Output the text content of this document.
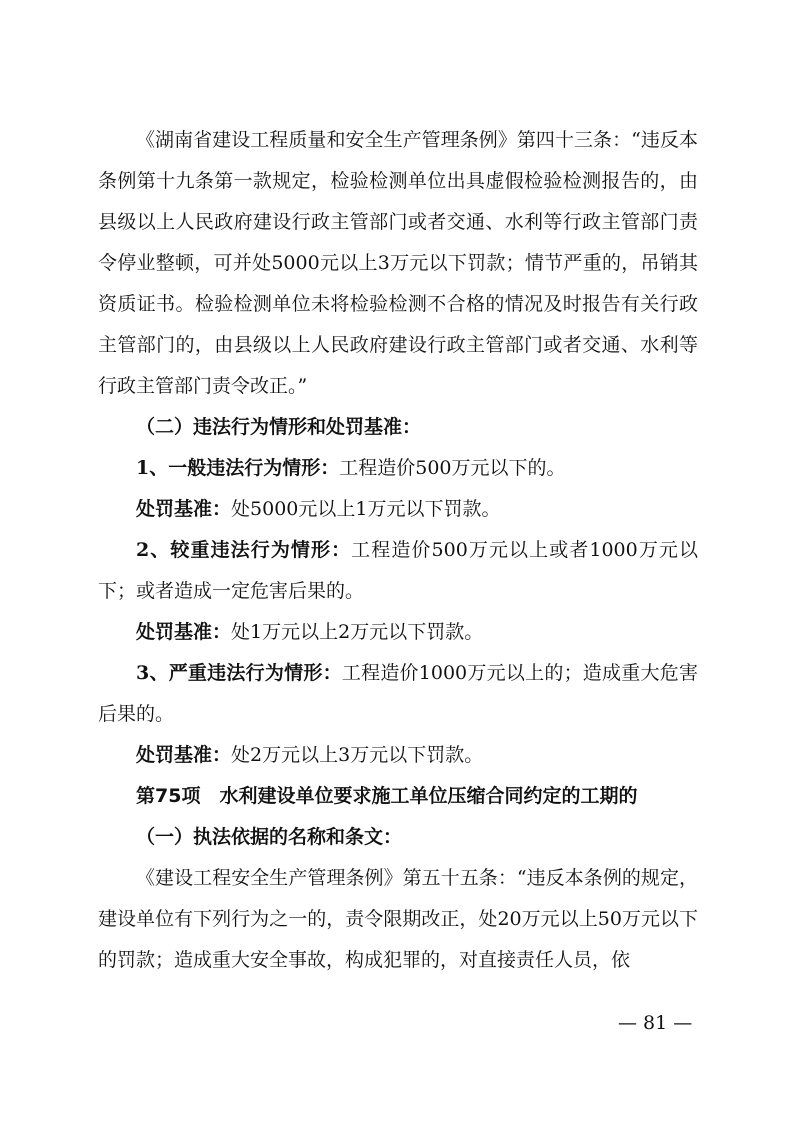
《湖南省建设工程质量和安全生产管理条例》第四十三条：“违反本条例第十九条第一款规定，检验检测单位出具虚假检验检测报告的，由县级以上人民政府建设行政主管部门或者交通、水利等行政主管部门责令停业整顿，可并处5000元以上3万元以下罚款；情节严重的，吊销其资质证书。检验检测单位未将检验检测不合格的情况及时报告有关行政主管部门的，由县级以上人民政府建设行政主管部门或者交通、水利等行政主管部门责令改正。”

（二）违法行为情形和处罚基准：

1、一般违法行为情形：工程造价500万元以下的。

处罚基准：处5000元以上1万元以下罚款。

2、较重违法行为情形：工程造价500万元以上或者1000万元以下；或者造成一定危害后果的。

处罚基准：处1万元以上2万元以下罚款。

3、严重违法行为情形：工程造价1000万元以上的；造成重大危害后果的。

处罚基准：处2万元以上3万元以下罚款。

第75项　水利建设单位要求施工单位压缩合同约定的工期的

（一）执法依据的名称和条文：

《建设工程安全生产管理条例》第五十五条：“违反本条例的规定，建设单位有下列行为之一的，责令限期改正，处20万元以上50万元以下的罚款；造成重大安全事故，构成犯罪的，对直接责任人员，依

— 81 —
